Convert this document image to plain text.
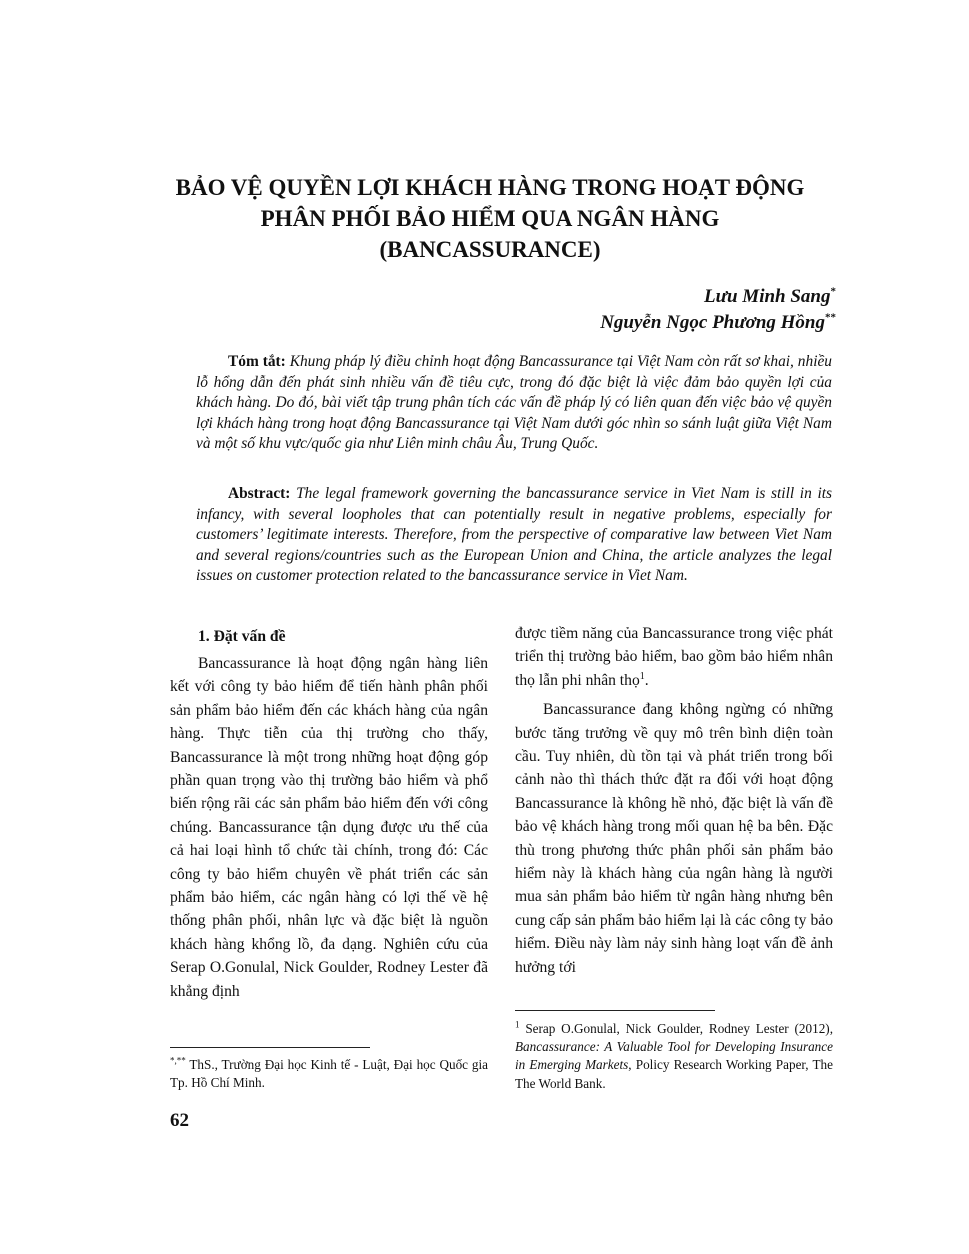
BẢO VỆ QUYỀN LỢI KHÁCH HÀNG TRONG HOẠT ĐỘNG
PHÂN PHỐI BẢO HIỂM QUA NGÂN HÀNG
(BANCASSURANCE)
Lưu Minh Sang*
Nguyễn Ngọc Phương Hồng**
Tóm tắt: Khung pháp lý điều chỉnh hoạt động Bancassurance tại Việt Nam còn rất sơ khai, nhiều lỗ hổng dẫn đến phát sinh nhiều vấn đề tiêu cực, trong đó đặc biệt là việc đảm bảo quyền lợi của khách hàng. Do đó, bài viết tập trung phân tích các vấn đề pháp lý có liên quan đến việc bảo vệ quyền lợi khách hàng trong hoạt động Bancassurance tại Việt Nam dưới góc nhìn so sánh luật giữa Việt Nam và một số khu vực/quốc gia như Liên minh châu Âu, Trung Quốc.
Abstract: The legal framework governing the bancassurance service in Viet Nam is still in its infancy, with several loopholes that can potentially result in negative problems, especially for customers’ legitimate interests. Therefore, from the perspective of comparative law between Viet Nam and several regions/countries such as the European Union and China, the article analyzes the legal issues on customer protection related to the bancassurance service in Viet Nam.
1. Đặt vấn đề

Bancassurance là hoạt động ngân hàng liên kết với công ty bảo hiểm để tiến hành phân phối sản phẩm bảo hiểm đến các khách hàng của ngân hàng. Thực tiễn của thị trường cho thấy, Bancassurance là một trong những hoạt động góp phần quan trọng vào thị trường bảo hiểm và phổ biến rộng rãi các sản phẩm bảo hiểm đến với công chúng. Bancassurance tận dụng được ưu thế của cả hai loại hình tổ chức tài chính, trong đó: Các công ty bảo hiểm chuyên về phát triển các sản phẩm bảo hiểm, các ngân hàng có lợi thế về hệ thống phân phối, nhân lực và đặc biệt là nguồn khách hàng khổng lồ, đa dạng. Nghiên cứu của Serap O.Gonulal, Nick Goulder, Rodney Lester đã khẳng định

được tiềm năng của Bancassurance trong việc phát triển thị trường bảo hiểm, bao gồm bảo hiểm nhân thọ lẫn phi nhân thọ$^1$.

Bancassurance đang không ngừng có những bước tăng trưởng về quy mô trên bình diện toàn cầu. Tuy nhiên, dù tồn tại và phát triển trong bối cảnh nào thì thách thức đặt ra đối với hoạt động Bancassurance là không hề nhỏ, đặc biệt là vấn đề bảo vệ khách hàng trong mối quan hệ ba bên. Đặc thù trong phương thức phân phối sản phẩm bảo hiểm này là khách hàng của ngân hàng là người mua sản phẩm bảo hiểm từ ngân hàng nhưng bên cung cấp sản phẩm bảo hiểm lại là các công ty bảo hiểm. Điều này làm nảy sinh hàng loạt vấn đề ảnh hưởng tới

$^1$ Serap O.Gonulal, Nick Goulder, Rodney Lester (2012), Bancassurance: A Valuable Tool for Developing Insurance in Emerging Markets, Policy Research Working Paper, The The World Bank.
*,** ThS., Trường Đại học Kinh tế - Luật, Đại học Quốc gia Tp. Hồ Chí Minh.
62
